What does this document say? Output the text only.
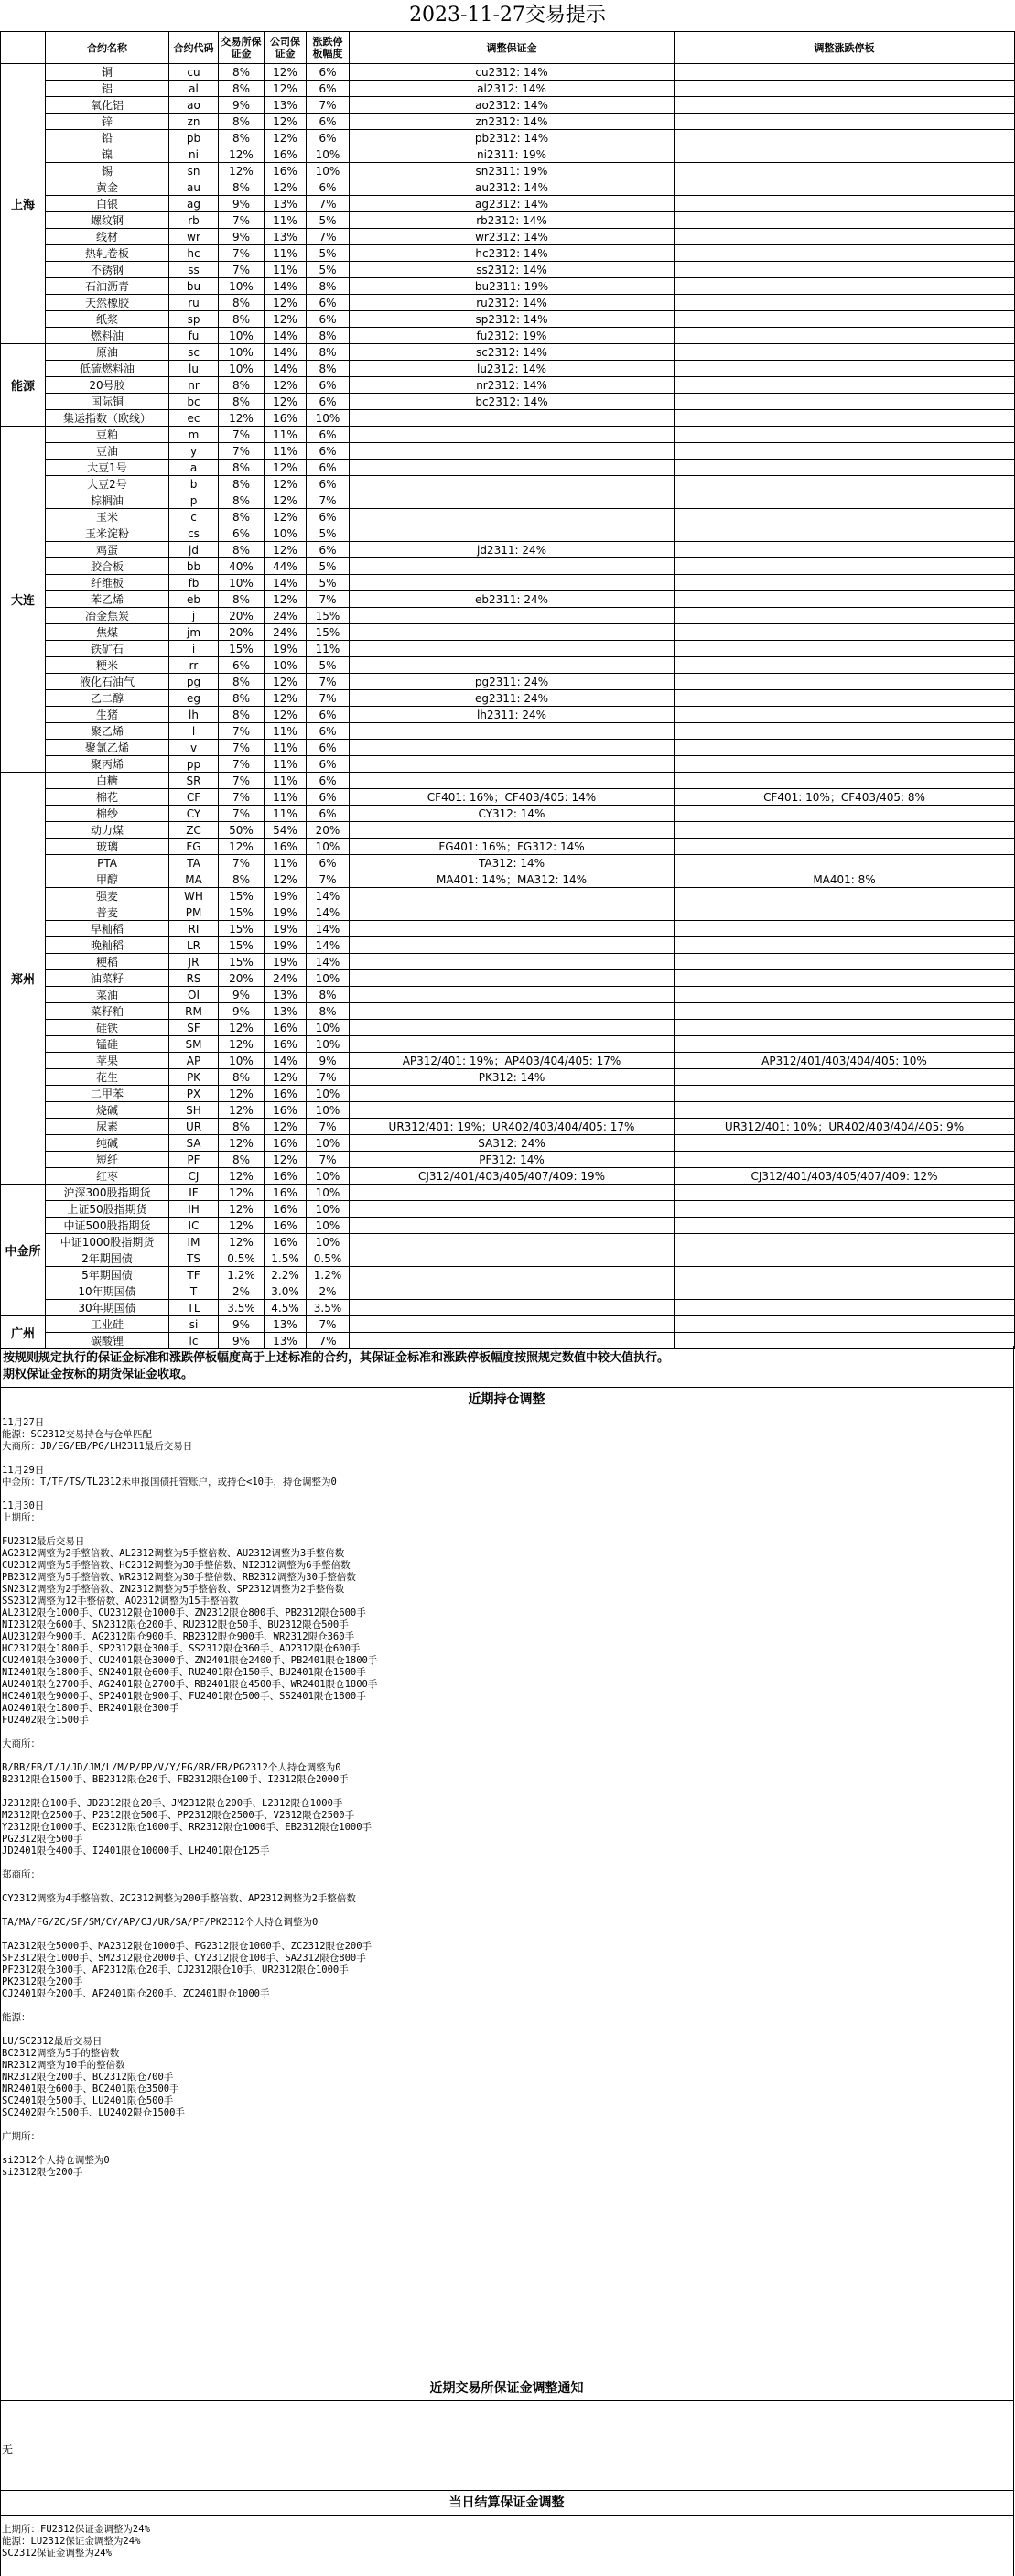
2023-11-27交易提示
	合约名称	合约代码	交易所保证金	公司保证金	涨跌停板幅度	调整保证金	调整涨跌停板
上海	铜	cu	8%	12%	6%	cu2312: 14%	
	铝	al	8%	12%	6%	al2312: 14%	
	氧化铝	ao	9%	13%	7%	ao2312: 14%	
	锌	zn	8%	12%	6%	zn2312: 14%	
	铅	pb	8%	12%	6%	pb2312: 14%	
	镍	ni	12%	16%	10%	ni2311: 19%	
	锡	sn	12%	16%	10%	sn2311: 19%	
	黄金	au	8%	12%	6%	au2312: 14%	
	白银	ag	9%	13%	7%	ag2312: 14%	
	螺纹钢	rb	7%	11%	5%	rb2312: 14%	
	线材	wr	9%	13%	7%	wr2312: 14%	
	热轧卷板	hc	7%	11%	5%	hc2312: 14%	
	不锈钢	ss	7%	11%	5%	ss2312: 14%	
	石油沥青	bu	10%	14%	8%	bu2311: 19%	
	天然橡胶	ru	8%	12%	6%	ru2312: 14%	
	纸浆	sp	8%	12%	6%	sp2312: 14%	
	燃料油	fu	10%	14%	8%	fu2312: 19%	
能源	原油	sc	10%	14%	8%	sc2312: 14%	
	低硫燃料油	lu	10%	14%	8%	lu2312: 14%	
	20号胶	nr	8%	12%	6%	nr2312: 14%	
	国际铜	bc	8%	12%	6%	bc2312: 14%	
	集运指数（欧线）	ec	12%	16%	10%		
大连	豆粕	m	7%	11%	6%		
	豆油	y	7%	11%	6%		
	大豆1号	a	8%	12%	6%		
	大豆2号	b	8%	12%	6%		
	棕榈油	p	8%	12%	7%		
	玉米	c	8%	12%	6%		
	玉米淀粉	cs	6%	10%	5%		
	鸡蛋	jd	8%	12%	6%	jd2311: 24%	
	胶合板	bb	40%	44%	5%		
	纤维板	fb	10%	14%	5%		
	苯乙烯	eb	8%	12%	7%	eb2311: 24%	
	冶金焦炭	j	20%	24%	15%		
	焦煤	jm	20%	24%	15%		
	铁矿石	i	15%	19%	11%		
	粳米	rr	6%	10%	5%		
	液化石油气	pg	8%	12%	7%	pg2311: 24%	
	乙二醇	eg	8%	12%	7%	eg2311: 24%	
	生猪	lh	8%	12%	6%	lh2311: 24%	
	聚乙烯	l	7%	11%	6%		
	聚氯乙烯	v	7%	11%	6%		
	聚丙烯	pp	7%	11%	6%		
郑州	白糖	SR	7%	11%	6%		
	棉花	CF	7%	11%	6%	CF401: 16%；CF403/405: 14%	CF401: 10%；CF403/405: 8%
	棉纱	CY	7%	11%	6%	CY312: 14%	
	动力煤	ZC	50%	54%	20%		
	玻璃	FG	12%	16%	10%	FG401: 16%；FG312: 14%	
	PTA	TA	7%	11%	6%	TA312: 14%	
	甲醇	MA	8%	12%	7%	MA401: 14%；MA312: 14%	MA401: 8%
	强麦	WH	15%	19%	14%		
	普麦	PM	15%	19%	14%		
	早籼稻	RI	15%	19%	14%		
	晚籼稻	LR	15%	19%	14%		
	粳稻	JR	15%	19%	14%		
	油菜籽	RS	20%	24%	10%		
	菜油	OI	9%	13%	8%		
	菜籽粕	RM	9%	13%	8%		
	硅铁	SF	12%	16%	10%		
	锰硅	SM	12%	16%	10%		
	苹果	AP	10%	14%	9%	AP312/401: 19%；AP403/404/405: 17%	AP312/401/403/404/405: 10%
	花生	PK	8%	12%	7%	PK312: 14%	
	二甲苯	PX	12%	16%	10%		
	烧碱	SH	12%	16%	10%		
	尿素	UR	8%	12%	7%	UR312/401: 19%；UR402/403/404/405: 17%	UR312/401: 10%；UR402/403/404/405: 9%
	纯碱	SA	12%	16%	10%	SA312: 24%	
	短纤	PF	8%	12%	7%	PF312: 14%	
	红枣	CJ	12%	16%	10%	CJ312/401/403/405/407/409: 19%	CJ312/401/403/405/407/409: 12%
中金所	沪深300股指期货	IF	12%	16%	10%		
	上证50股指期货	IH	12%	16%	10%		
	中证500股指期货	IC	12%	16%	10%		
	中证1000股指期货	IM	12%	16%	10%		
	2年期国债	TS	0.5%	1.5%	0.5%		
	5年期国债	TF	1.2%	2.2%	1.2%		
	10年期国债	T	2%	3.0%	2%		
	30年期国债	TL	3.5%	4.5%	3.5%		
广州	工业硅	si	9%	13%	7%		
	碳酸锂	lc	9%	13%	7%		
按规则规定执行的保证金标准和涨跌停板幅度高于上述标准的合约，其保证金标准和涨跌停板幅度按照规定数值中较大值执行。
期权保证金按标的期货保证金收取。
近期持仓调整
11月27日
能源：SC2312交易持仓与仓单匹配
大商所：JD/EG/EB/PG/LH2311最后交易日

11月29日
中金所：T/TF/TS/TL2312未申报国债托管账户，或持仓<10手，持仓调整为0

11月30日
上期所：

FU2312最后交易日
AG2312调整为2手整倍数、AL2312调整为5手整倍数、AU2312调整为3手整倍数
CU2312调整为5手整倍数、HC2312调整为30手整倍数、NI2312调整为6手整倍数
PB2312调整为5手整倍数、WR2312调整为30手整倍数、RB2312调整为30手整倍数
SN2312调整为2手整倍数、ZN2312调整为5手整倍数、SP2312调整为2手整倍数
SS2312调整为12手整倍数、AO2312调整为15手整倍数
AL2312限仓1000手、CU2312限仓1000手、ZN2312限仓800手、PB2312限仓600手
NI2312限仓600手、SN2312限仓200手、RU2312限仓50手、BU2312限仓500手
AU2312限仓900手、AG2312限仓900手、RB2312限仓900手、WR2312限仓360手
HC2312限仓1800手、SP2312限仓300手、SS2312限仓360手、AO2312限仓600手
CU2401限仓3000手、CU2401限仓3000手、ZN2401限仓2400手、PB2401限仓1800手
NI2401限仓1800手、SN2401限仓600手、RU2401限仓150手、BU2401限仓1500手
AU2401限仓2700手、AG2401限仓2700手、RB2401限仓4500手、WR2401限仓1800手
HC2401限仓9000手、SP2401限仓900手、FU2401限仓500手、SS2401限仓1800手
AO2401限仓1800手、BR2401限仓300手
FU2402限仓1500手

大商所：

B/BB/FB/I/J/JD/JM/L/M/P/PP/V/Y/EG/RR/EB/PG2312个人持仓调整为0
B2312限仓1500手、BB2312限仓20手、FB2312限仓100手、I2312限仓2000手

J2312限仓100手、JD2312限仓20手、JM2312限仓200手、L2312限仓1000手
M2312限仓2500手、P2312限仓500手、PP2312限仓2500手、V2312限仓2500手
Y2312限仓1000手、EG2312限仓1000手、RR2312限仓1000手、EB2312限仓1000手
PG2312限仓500手
JD2401限仓400手、I2401限仓10000手、LH2401限仓125手

郑商所：

CY2312调整为4手整倍数、ZC2312调整为200手整倍数、AP2312调整为2手整倍数

TA/MA/FG/ZC/SF/SM/CY/AP/CJ/UR/SA/PF/PK2312个人持仓调整为0

TA2312限仓5000手、MA2312限仓1000手、FG2312限仓1000手、ZC2312限仓200手
SF2312限仓1000手、SM2312限仓2000手、CY2312限仓100手、SA2312限仓800手
PF2312限仓300手、AP2312限仓20手、CJ2312限仓10手、UR2312限仓1000手
PK2312限仓200手
CJ2401限仓200手、AP2401限仓200手、ZC2401限仓1000手

能源：

LU/SC2312最后交易日
BC2312调整为5手的整倍数
NR2312调整为10手的整倍数
NR2312限仓200手、BC2312限仓700手
NR2401限仓600手、BC2401限仓3500手
SC2401限仓500手、LU2401限仓500手
SC2402限仓1500手、LU2402限仓1500手

广期所：

si2312个人持仓调整为0
si2312限仓200手
近期交易所保证金调整通知
无
当日结算保证金调整
上期所：FU2312保证金调整为24%
能源：LU2312保证金调整为24%
SC2312保证金调整为24%
